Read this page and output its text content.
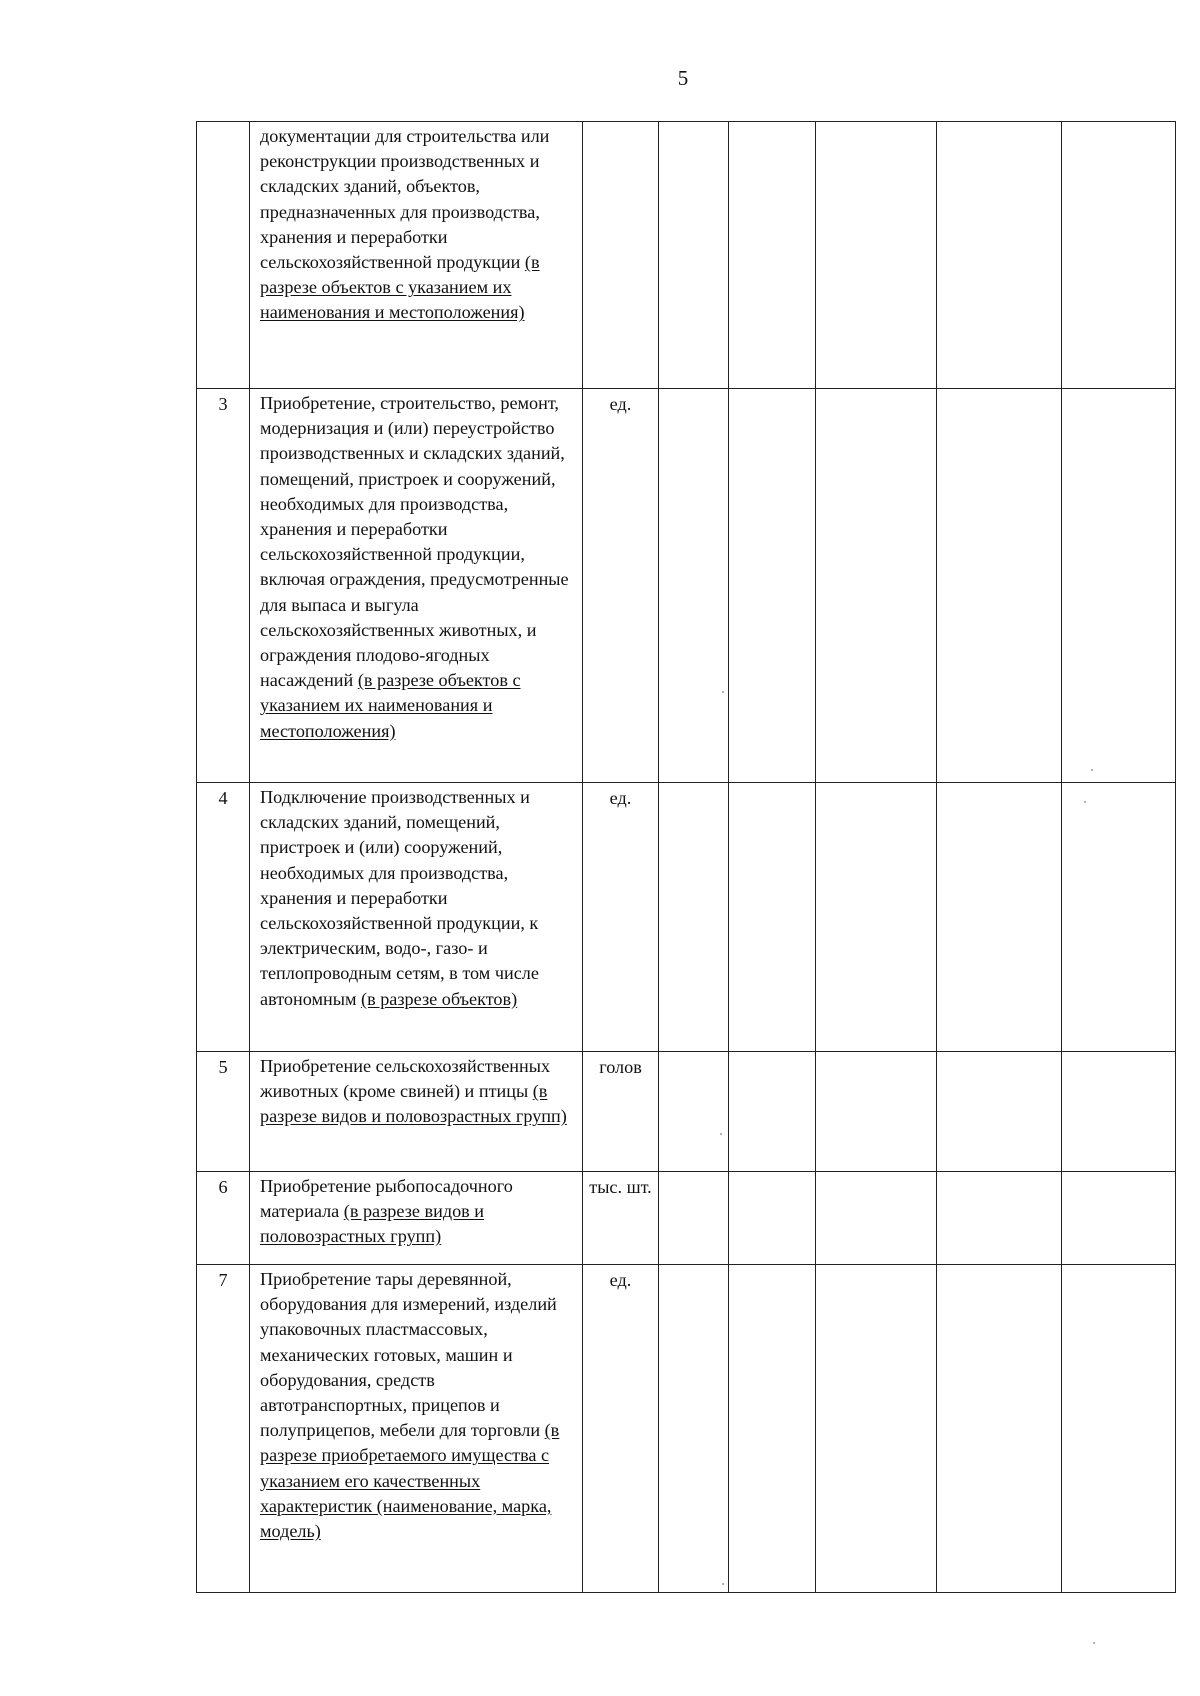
5
	документации для строительства или реконструкции производственных и складских зданий, объектов, предназначенных для производства, хранения и переработки сельскохозяйственной продукции (в разрезе объектов с указанием их наименования и местоположения)						
3	Приобретение, строительство, ремонт, модернизация и (или) переустройство производственных и складских зданий, помещений, пристроек и сооружений, необходимых для производства, хранения и переработки сельскохозяйственной продукции, включая ограждения, предусмотренные для выпаса и выгула сельскохозяйственных животных, и ограждения плодово-ягодных насаждений (в разрезе объектов с указанием их наименования и местоположения)	ед.					
4	Подключение производственных и складских зданий, помещений, пристроек и (или) сооружений, необходимых для производства, хранения и переработки сельскохозяйственной продукции, к электрическим, водо-, газо- и теплопроводным сетям, в том числе автономным (в разрезе объектов)	ед.					
5	Приобретение сельскохозяйственных животных (кроме свиней) и птицы (в разрезе видов и половозрастных групп)	голов					
6	Приобретение рыбопосадочного материала (в разрезе видов и половозрастных групп)	тыс. шт.					
7	Приобретение тары деревянной, оборудования для измерений, изделий упаковочных пластмассовых, механических готовых, машин и оборудования, средств автотранспортных, прицепов и полуприцепов, мебели для торговли (в разрезе приобретаемого имущества с указанием его качественных характеристик (наименование, марка, модель)	ед.					
